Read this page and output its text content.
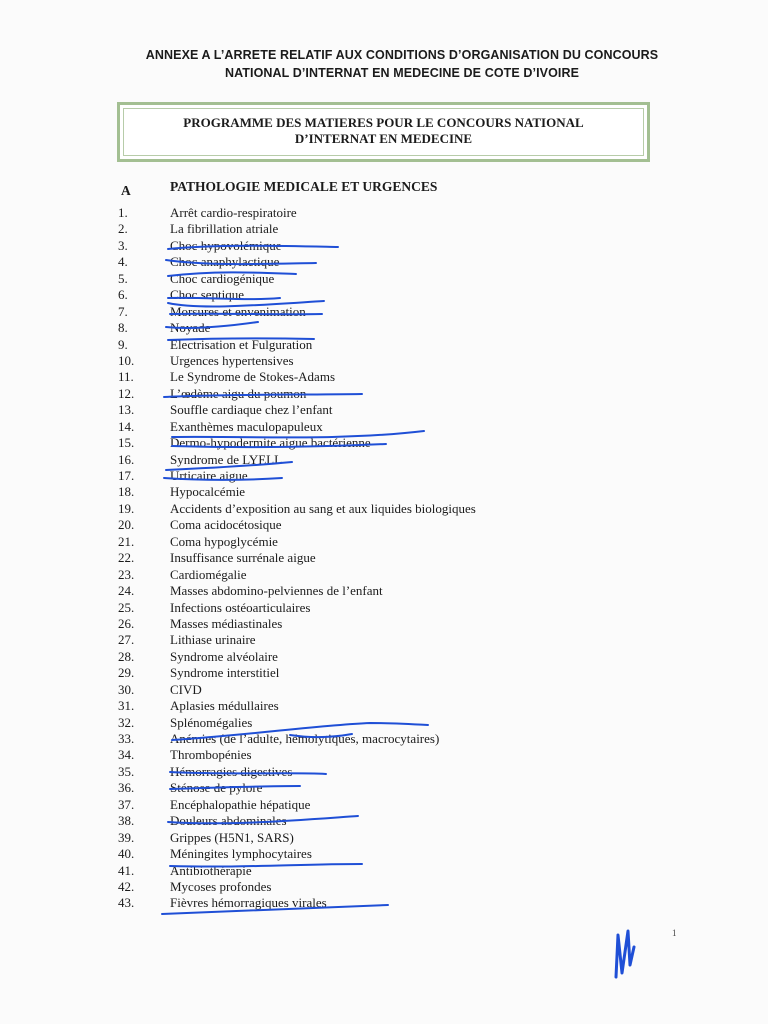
ANNEXE A L’ARRETE RELATIF AUX CONDITIONS D’ORGANISATION DU CONCOURS
NATIONAL D’INTERNAT EN MEDECINE DE COTE D’IVOIRE
PROGRAMME DES MATIERES POUR LE CONCOURS NATIONAL
D’INTERNAT EN MEDECINE
A	PATHOLOGIE MEDICALE ET URGENCES
1.	Arrêt cardio-respiratoire
2.	La fibrillation atriale
3.	Choc hypovolémique
4.	Choc anaphylactique
5.	Choc cardiogénique
6.	Choc septique
7.	Morsures et envenimation
8.	Noyade
9.	Electrisation et Fulguration
10.	Urgences hypertensives
11.	Le Syndrome de Stokes-Adams
12.	L’œdème aigu du poumon
13.	Souffle cardiaque chez l’enfant
14.	Exanthèmes maculopapuleux
15.	Dermo-hypodermite aigue bactérienne
16.	Syndrome de LYELL
17.	Urticaire aigue
18.	Hypocalcémie
19.	Accidents d’exposition au sang et aux liquides biologiques
20.	Coma acidocétosique
21.	Coma hypoglycémie
22.	Insuffisance surrénale aigue
23.	Cardiomégalie
24.	Masses abdomino-pelviennes de l’enfant
25.	Infections ostéoarticulaires
26.	Masses médiastinales
27.	Lithiase urinaire
28.	Syndrome alvéolaire
29.	Syndrome interstitiel
30.	CIVD
31.	Aplasies médullaires
32.	Splénomégalies
33.	Anémies (de l’adulte, hémolytiques, macrocytaires)
34.	Thrombopénies
35.	Hémorragies digestives
36.	Sténose de pylore
37.	Encéphalopathie hépatique
38.	Douleurs abdominales
39.	Grippes (H5N1, SARS)
40.	Méningites lymphocytaires
41.	Antibiothérapie
42.	Mycoses profondes
43.	Fièvres hémorragiques virales
1
